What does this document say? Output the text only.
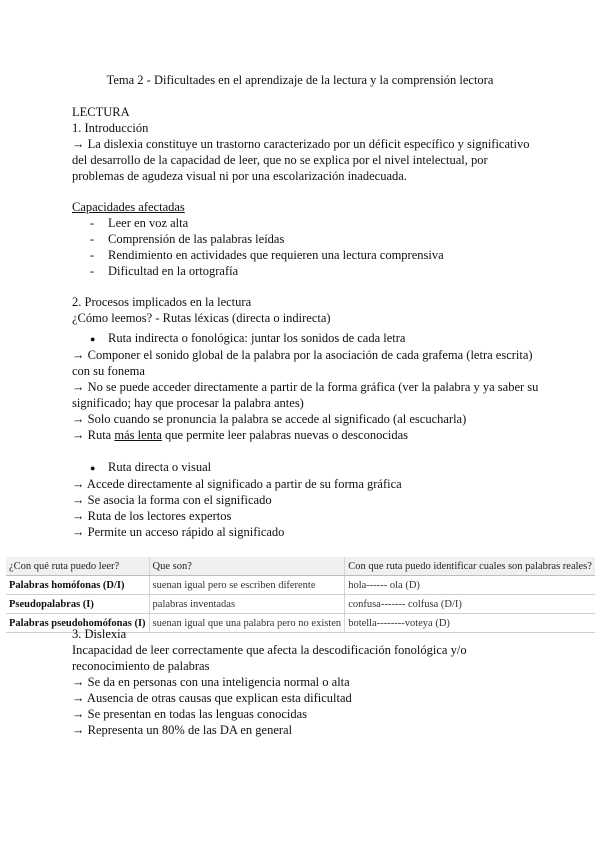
Tema 2 - Dificultades en el aprendizaje de la lectura y la comprensión lectora
LECTURA
1. Introducción
→ La dislexia constituye un trastorno caracterizado por un déficit específico y significativo
del desarrollo de la capacidad de leer, que no se explica por el nivel intelectual, por
problemas de agudeza visual ni por una escolarización inadecuada.
Capacidades afectadas
- Leer en voz alta
- Comprensión de las palabras leídas
- Rendimiento en actividades que requieren una lectura comprensiva
- Dificultad en la ortografía
2. Procesos implicados en la lectura
¿Cómo leemos? - Rutas léxicas (directa o indirecta)
● Ruta indirecta o fonológica: juntar los sonidos de cada letra
→ Componer el sonido global de la palabra por la asociación de cada grafema (letra escrita)
con su fonema
→ No se puede acceder directamente a partir de la forma gráfica (ver la palabra y ya saber su
significado; hay que procesar la palabra antes)
→ Solo cuando se pronuncia la palabra se accede al significado (al escucharla)
→ Ruta más lenta que permite leer palabras nuevas o desconocidas
● Ruta directa o visual
→ Accede directamente al significado a partir de su forma gráfica
→ Se asocia la forma con el significado
→ Ruta de los lectores expertos
→ Permite un acceso rápido al significado
¿Con qué ruta puedo leer?	Que son?	Con que ruta puedo identificar cuales son palabras reales?
Palabras homófonas (D/I)	suenan igual pero se escriben diferente	hola------ ola (D)
Pseudopalabras (I)	palabras inventadas	confusa------- colfusa (D/I)
Palabras pseudohomófonas (I)	suenan igual que una palabra pero no existen	botella--------voteya (D)
3. Dislexia
Incapacidad de leer correctamente que afecta la descodificación fonológica y/o
reconocimiento de palabras
→ Se da en personas con una inteligencia normal o alta
→ Ausencia de otras causas que explican esta dificultad
→ Se presentan en todas las lenguas conocidas
→ Representa un 80% de las DA en general
